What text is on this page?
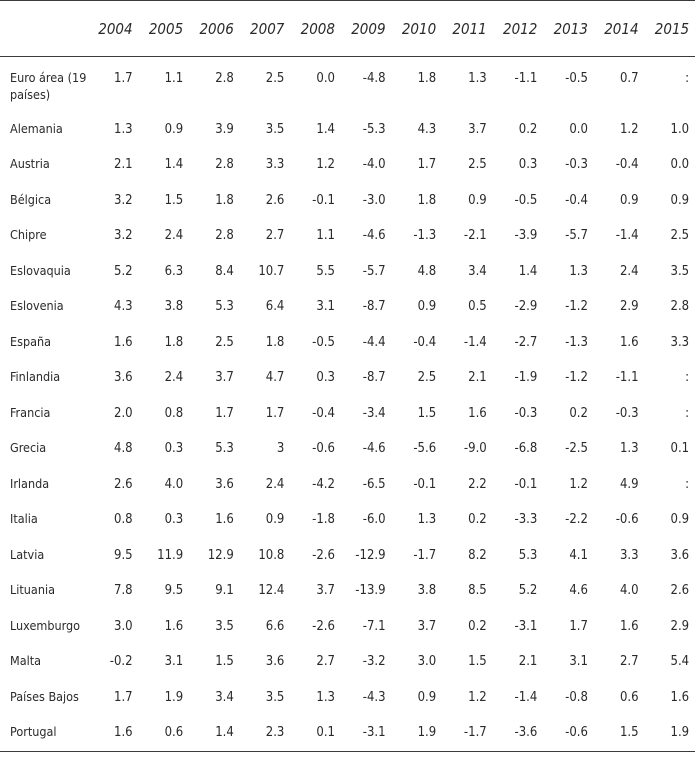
	2004	2005	2006	2007	2008	2009	2010	2011	2012	2013	2014	2015
Euro área (19 países)	1.7	1.1	2.8	2.5	0.0	-4.8	1.8	1.3	-1.1	-0.5	0.7	:
Alemania	1.3	0.9	3.9	3.5	1.4	-5.3	4.3	3.7	0.2	0.0	1.2	1.0
Austria	2.1	1.4	2.8	3.3	1.2	-4.0	1.7	2.5	0.3	-0.3	-0.4	0.0
Bélgica	3.2	1.5	1.8	2.6	-0.1	-3.0	1.8	0.9	-0.5	-0.4	0.9	0.9
Chipre	3.2	2.4	2.8	2.7	1.1	-4.6	-1.3	-2.1	-3.9	-5.7	-1.4	2.5
Eslovaquia	5.2	6.3	8.4	10.7	5.5	-5.7	4.8	3.4	1.4	1.3	2.4	3.5
Eslovenia	4.3	3.8	5.3	6.4	3.1	-8.7	0.9	0.5	-2.9	-1.2	2.9	2.8
España	1.6	1.8	2.5	1.8	-0.5	-4.4	-0.4	-1.4	-2.7	-1.3	1.6	3.3
Finlandia	3.6	2.4	3.7	4.7	0.3	-8.7	2.5	2.1	-1.9	-1.2	-1.1	:
Francia	2.0	0.8	1.7	1.7	-0.4	-3.4	1.5	1.6	-0.3	0.2	-0.3	:
Grecia	4.8	0.3	5.3	3	-0.6	-4.6	-5.6	-9.0	-6.8	-2.5	1.3	0.1
Irlanda	2.6	4.0	3.6	2.4	-4.2	-6.5	-0.1	2.2	-0.1	1.2	4.9	:
Italia	0.8	0.3	1.6	0.9	-1.8	-6.0	1.3	0.2	-3.3	-2.2	-0.6	0.9
Latvia	9.5	11.9	12.9	10.8	-2.6	-12.9	-1.7	8.2	5.3	4.1	3.3	3.6
Lituania	7.8	9.5	9.1	12.4	3.7	-13.9	3.8	8.5	5.2	4.6	4.0	2.6
Luxemburgo	3.0	1.6	3.5	6.6	-2.6	-7.1	3.7	0.2	-3.1	1.7	1.6	2.9
Malta	-0.2	3.1	1.5	3.6	2.7	-3.2	3.0	1.5	2.1	3.1	2.7	5.4
Países Bajos	1.7	1.9	3.4	3.5	1.3	-4.3	0.9	1.2	-1.4	-0.8	0.6	1.6
Portugal	1.6	0.6	1.4	2.3	0.1	-3.1	1.9	-1.7	-3.6	-0.6	1.5	1.9
